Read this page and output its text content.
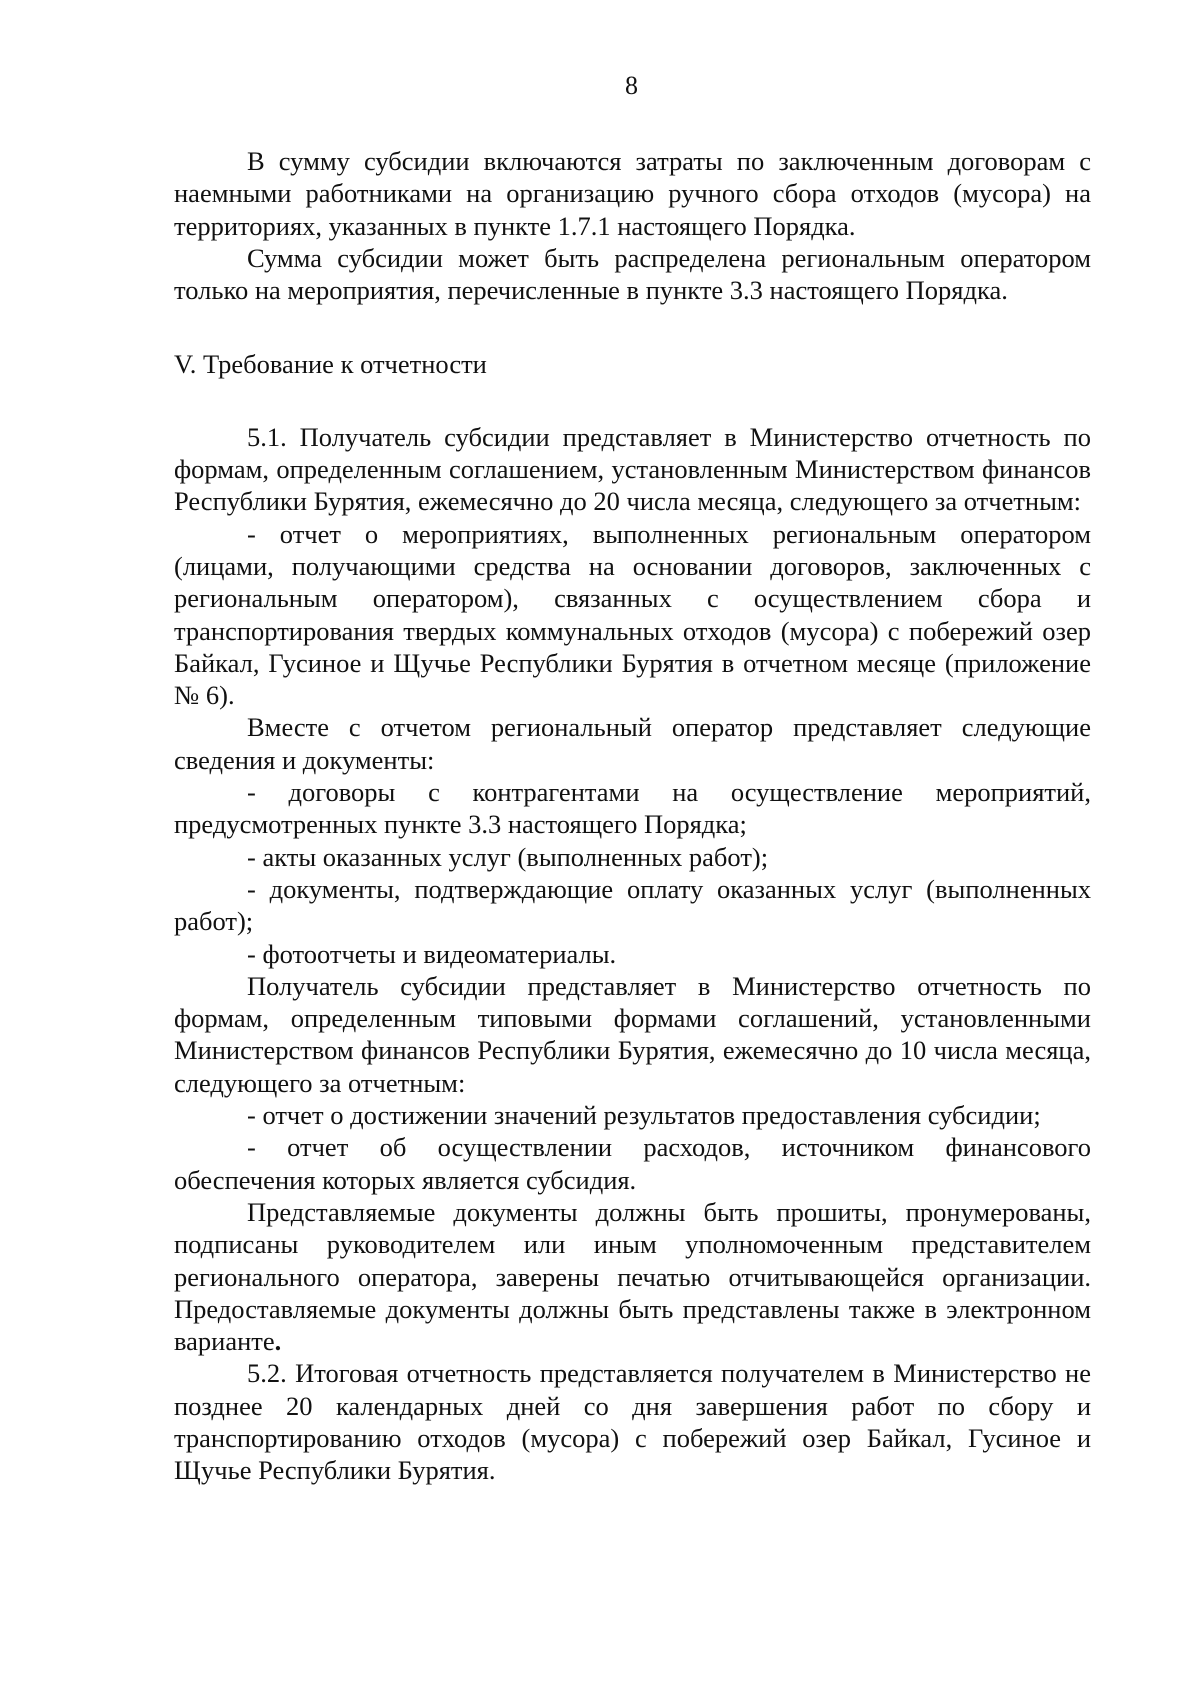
8

В сумму субсидии включаются затраты по заключенным договорам с наемными работниками на организацию ручного сбора отходов (мусора) на территориях, указанных в пункте 1.7.1 настоящего Порядка.

Сумма субсидии может быть распределена региональным оператором только на мероприятия, перечисленные в пункте 3.3 настоящего Порядка.

V. Требование к отчетности

5.1. Получатель субсидии представляет в Министерство отчетность по формам, определенным соглашением, установленным Министерством финансов Республики Бурятия, ежемесячно до 20 числа месяца, следующего за отчетным:

- отчет о мероприятиях, выполненных региональным оператором (лицами, получающими средства на основании договоров, заключенных с региональным оператором), связанных с осуществлением сбора и транспортирования твердых коммунальных отходов (мусора) с побережий озер Байкал, Гусиное и Щучье Республики Бурятия в отчетном месяце (приложение № 6).

Вместе с отчетом региональный оператор представляет следующие сведения и документы:

- договоры с контрагентами на осуществление мероприятий, предусмотренных пункте 3.3 настоящего Порядка;

- акты оказанных услуг (выполненных работ);

- документы, подтверждающие оплату оказанных услуг (выполненных работ);

- фотоотчеты и видеоматериалы.

Получатель субсидии представляет в Министерство отчетность по формам, определенным типовыми формами соглашений, установленными Министерством финансов Республики Бурятия, ежемесячно до 10 числа месяца, следующего за отчетным:

- отчет о достижении значений результатов предоставления субсидии;

- отчет об осуществлении расходов, источником финансового обеспечения которых является субсидия.

Представляемые документы должны быть прошиты, пронумерованы, подписаны руководителем или иным уполномоченным представителем регионального оператора, заверены печатью отчитывающейся организации. Предоставляемые документы должны быть представлены также в электронном варианте.

5.2. Итоговая отчетность представляется получателем в Министерство не позднее 20 календарных дней со дня завершения работ по сбору и транспортированию отходов (мусора) с побережий озер Байкал, Гусиное и Щучье Республики Бурятия.
